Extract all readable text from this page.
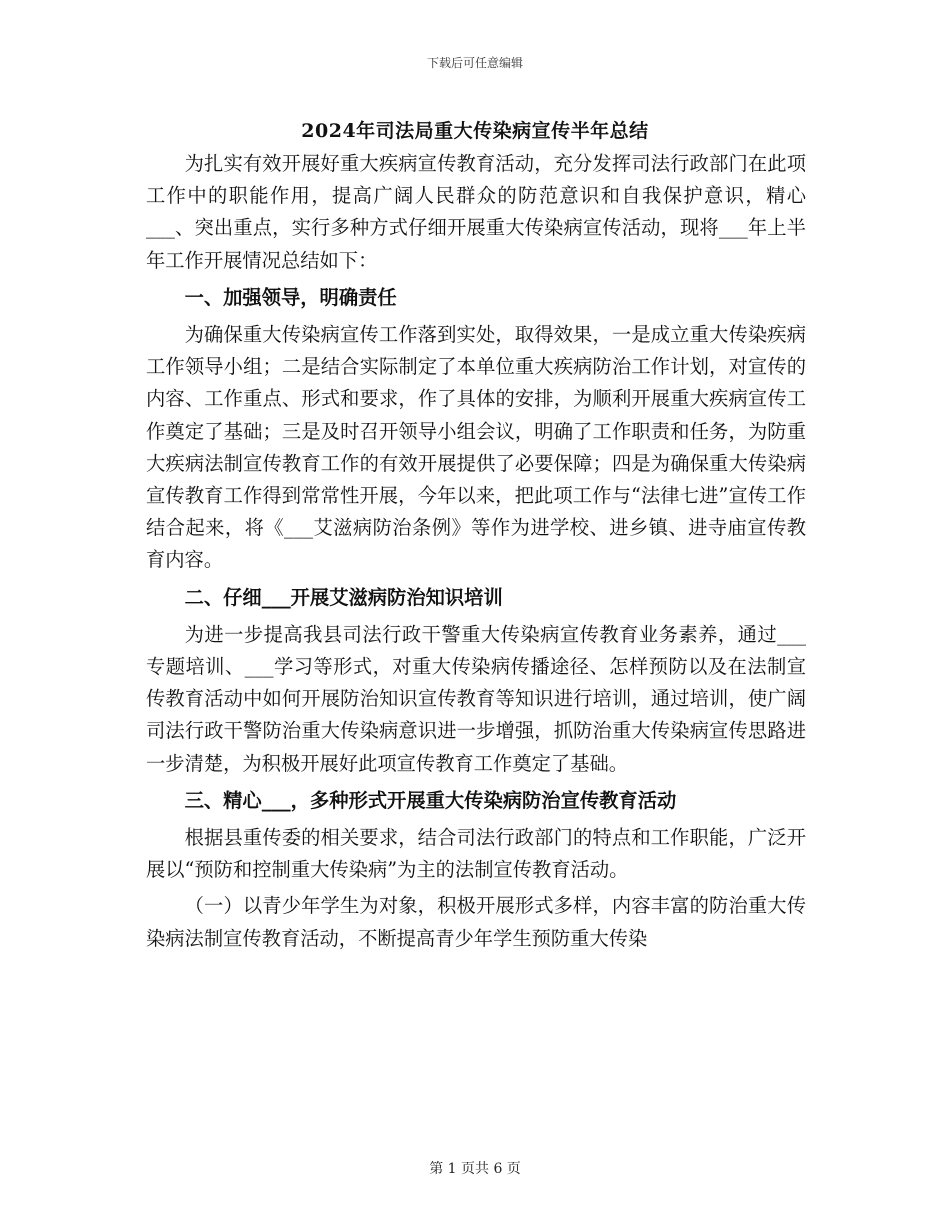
下载后可任意编辑
2024年司法局重大传染病宣传半年总结

为扎实有效开展好重大疾病宣传教育活动，充分发挥司法行政部门在此项工作中的职能作用，提高广阔人民群众的防范意识和自我保护意识，精心___、突出重点，实行多种方式仔细开展重大传染病宣传活动，现将___年上半年工作开展情况总结如下：

一、加强领导，明确责任

为确保重大传染病宣传工作落到实处，取得效果，一是成立重大传染疾病工作领导小组；二是结合实际制定了本单位重大疾病防治工作计划，对宣传的内容、工作重点、形式和要求，作了具体的安排，为顺利开展重大疾病宣传工作奠定了基础；三是及时召开领导小组会议，明确了工作职责和任务，为防重大疾病法制宣传教育工作的有效开展提供了必要保障；四是为确保重大传染病宣传教育工作得到常常性开展，今年以来，把此项工作与“法律七进”宣传工作结合起来，将《___艾滋病防治条例》等作为进学校、进乡镇、进寺庙宣传教育内容。

二、仔细___开展艾滋病防治知识培训

为进一步提高我县司法行政干警重大传染病宣传教育业务素养，通过___专题培训、___学习等形式，对重大传染病传播途径、怎样预防以及在法制宣传教育活动中如何开展防治知识宣传教育等知识进行培训，通过培训，使广阔司法行政干警防治重大传染病意识进一步增强，抓防治重大传染病宣传思路进一步清楚，为积极开展好此项宣传教育工作奠定了基础。

三、精心___，多种形式开展重大传染病防治宣传教育活动

根据县重传委的相关要求，结合司法行政部门的特点和工作职能，广泛开展以“预防和控制重大传染病”为主的法制宣传教育活动。

（一）以青少年学生为对象，积极开展形式多样，内容丰富的防治重大传染病法制宣传教育活动，不断提高青少年学生预防重大传染

第 1 页共 6 页
